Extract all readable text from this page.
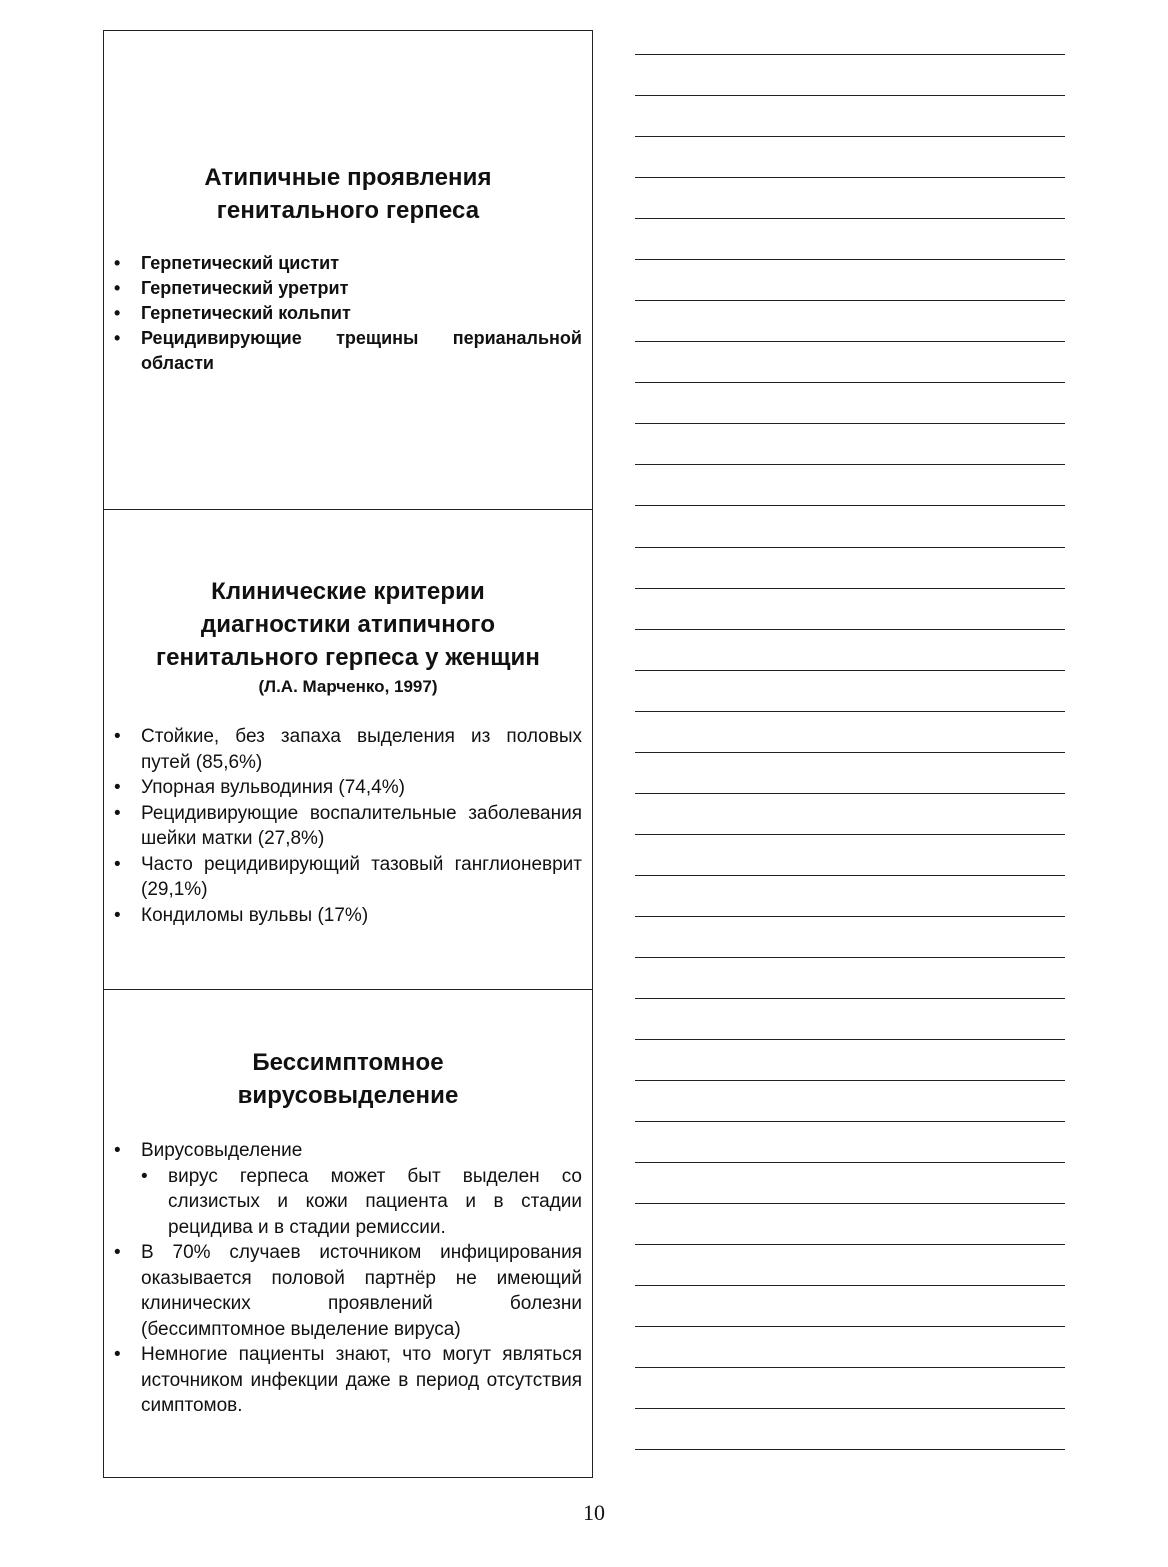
Атипичные проявления
генитального герпеса
• Герпетический цистит
• Герпетический уретрит
• Герпетический кольпит
• Рецидивирующие трещины перианальной области
Клинические критерии
диагностики атипичного
генитального герпеса у женщин
(Л.А. Марченко, 1997)
• Стойкие, без запаха выделения из половых путей (85,6%)
• Упорная вульводиния (74,4%)
• Рецидивирующие воспалительные заболевания шейки матки (27,8%)
• Часто рецидивирующий тазовый ганглионеврит (29,1%)
• Кондиломы вульвы (17%)
Бессимптомное
вирусовыделение
• Вирусовыделение
• вирус герпеса может быт выделен со слизистых и кожи пациента и в стадии рецидива и в стадии ремиссии.
• В 70% случаев источником инфицирования оказывается половой партнёр не имеющий клинических проявлений болезни (бессимптомное выделение вируса)
• Немногие пациенты знают, что могут являться источником инфекции даже в период отсутствия симптомов.
10
